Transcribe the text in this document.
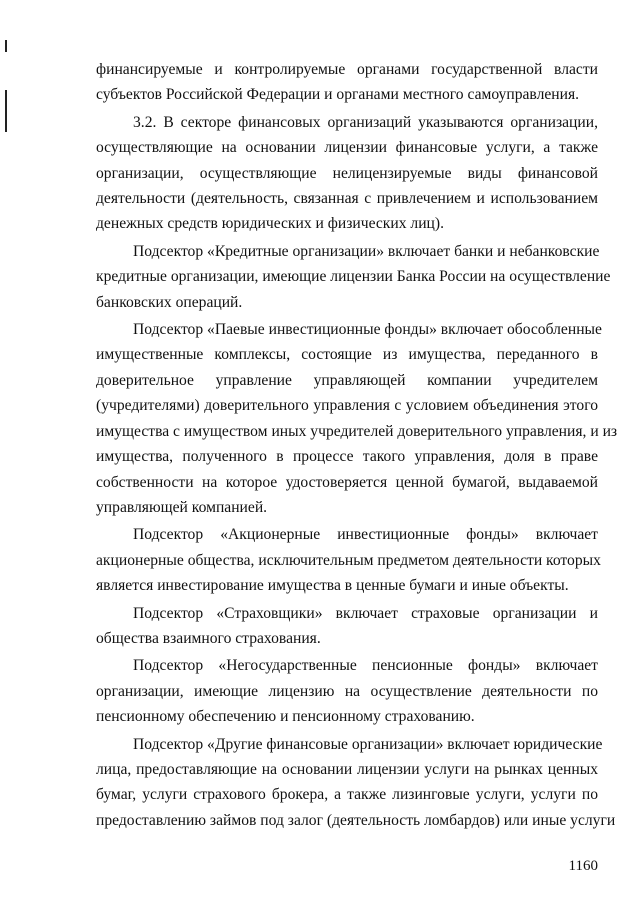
финансируемые и контролируемые органами государственной власти
субъектов Российской Федерации и органами местного самоуправления.
3.2. В секторе финансовых организаций указываются организации,
осуществляющие на основании лицензии финансовые услуги, а также
организации, осуществляющие нелицензируемые виды финансовой
деятельности (деятельность, связанная с привлечением и использованием
денежных средств юридических и физических лиц).
Подсектор «Кредитные организации» включает банки и небанковские
кредитные организации, имеющие лицензии Банка России на осуществление
банковских операций.
Подсектор «Паевые инвестиционные фонды» включает обособленные
имущественные комплексы, состоящие из имущества, переданного в
доверительное управление управляющей компании учредителем
(учредителями) доверительного управления с условием объединения этого
имущества с имуществом иных учредителей доверительного управления, и из
имущества, полученного в процессе такого управления, доля в праве
собственности на которое удостоверяется ценной бумагой, выдаваемой
управляющей компанией.
Подсектор «Акционерные инвестиционные фонды» включает
акционерные общества, исключительным предметом деятельности которых
является инвестирование имущества в ценные бумаги и иные объекты.
Подсектор «Страховщики» включает страховые организации и
общества взаимного страхования.
Подсектор «Негосударственные пенсионные фонды» включает
организации, имеющие лицензию на осуществление деятельности по
пенсионному обеспечению и пенсионному страхованию.
Подсектор «Другие финансовые организации» включает юридические
лица, предоставляющие на основании лицензии услуги на рынках ценных
бумаг, услуги страхового брокера, а также лизинговые услуги, услуги по
предоставлению займов под залог (деятельность ломбардов) или иные услуги
1160
